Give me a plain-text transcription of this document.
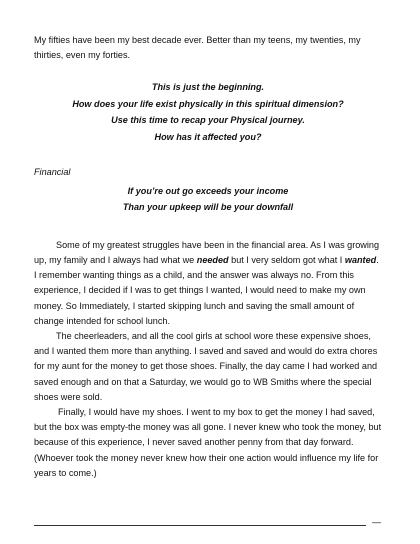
My fifties have been my best decade ever. Better than my teens, my twenties, my thirties, even my forties.

This is just the beginning.
How does your life exist physically in this spiritual dimension?
Use this time to recap your Physical journey.
How has it affected you?

Financial

If you’re out go exceeds your income
Than your upkeep will be your downfall

Some of my greatest struggles have been in the financial area. As I was growing up, my family and I always had what we needed but I very seldom got what I wanted. I remember wanting things as a child, and the answer was always no. From this experience, I decided if I was to get things I wanted, I would need to make my own money. So Immediately, I started skipping lunch and saving the small amount of change intended for school lunch.

The cheerleaders, and all the cool girls at school wore these expensive shoes, and I wanted them more than anything. I saved and saved and would do extra chores for my aunt for the money to get those shoes. Finally, the day came I had worked and saved enough and on that a Saturday, we would go to WB Smiths where the special shoes were sold.

Finally, I would have my shoes. I went to my box to get the money I had saved, but the box was empty-the money was all gone. I never knew who took the money, but because of this experience, I never saved another penny from that day forward. (Whoever took the money never knew how their one action would influence my life for years to come.)

—
